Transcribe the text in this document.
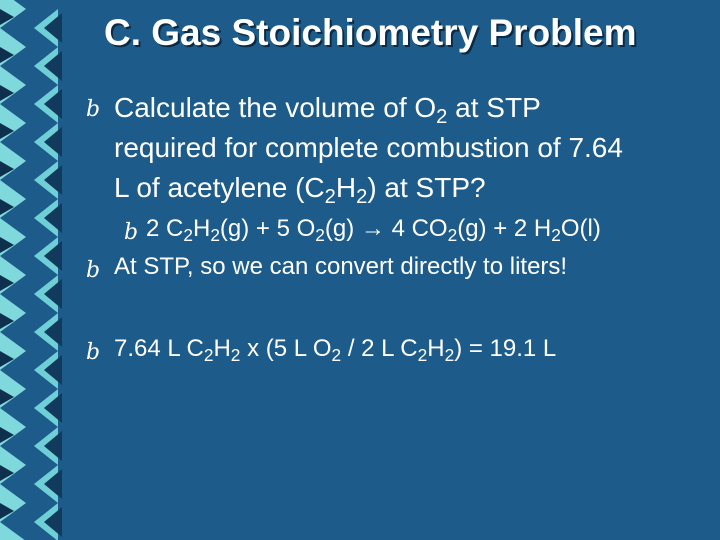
C. Gas Stoichiometry Problem
b Calculate the volume of $O_2$ at STP
required for complete combustion of 7.64
L of acetylene $(C_2H_2)$ at STP?
b 2 $C_2H_2(g) + 5$ $O_2(g) \to 4$ $CO_2(g) + 2$ $H_2O(l)$
b At STP, so we can convert directly to liters!
b 7.64 L $C_2H_2$ x (5 L $O_2 / 2$ L $C_2H_2) = 19.1$ L
